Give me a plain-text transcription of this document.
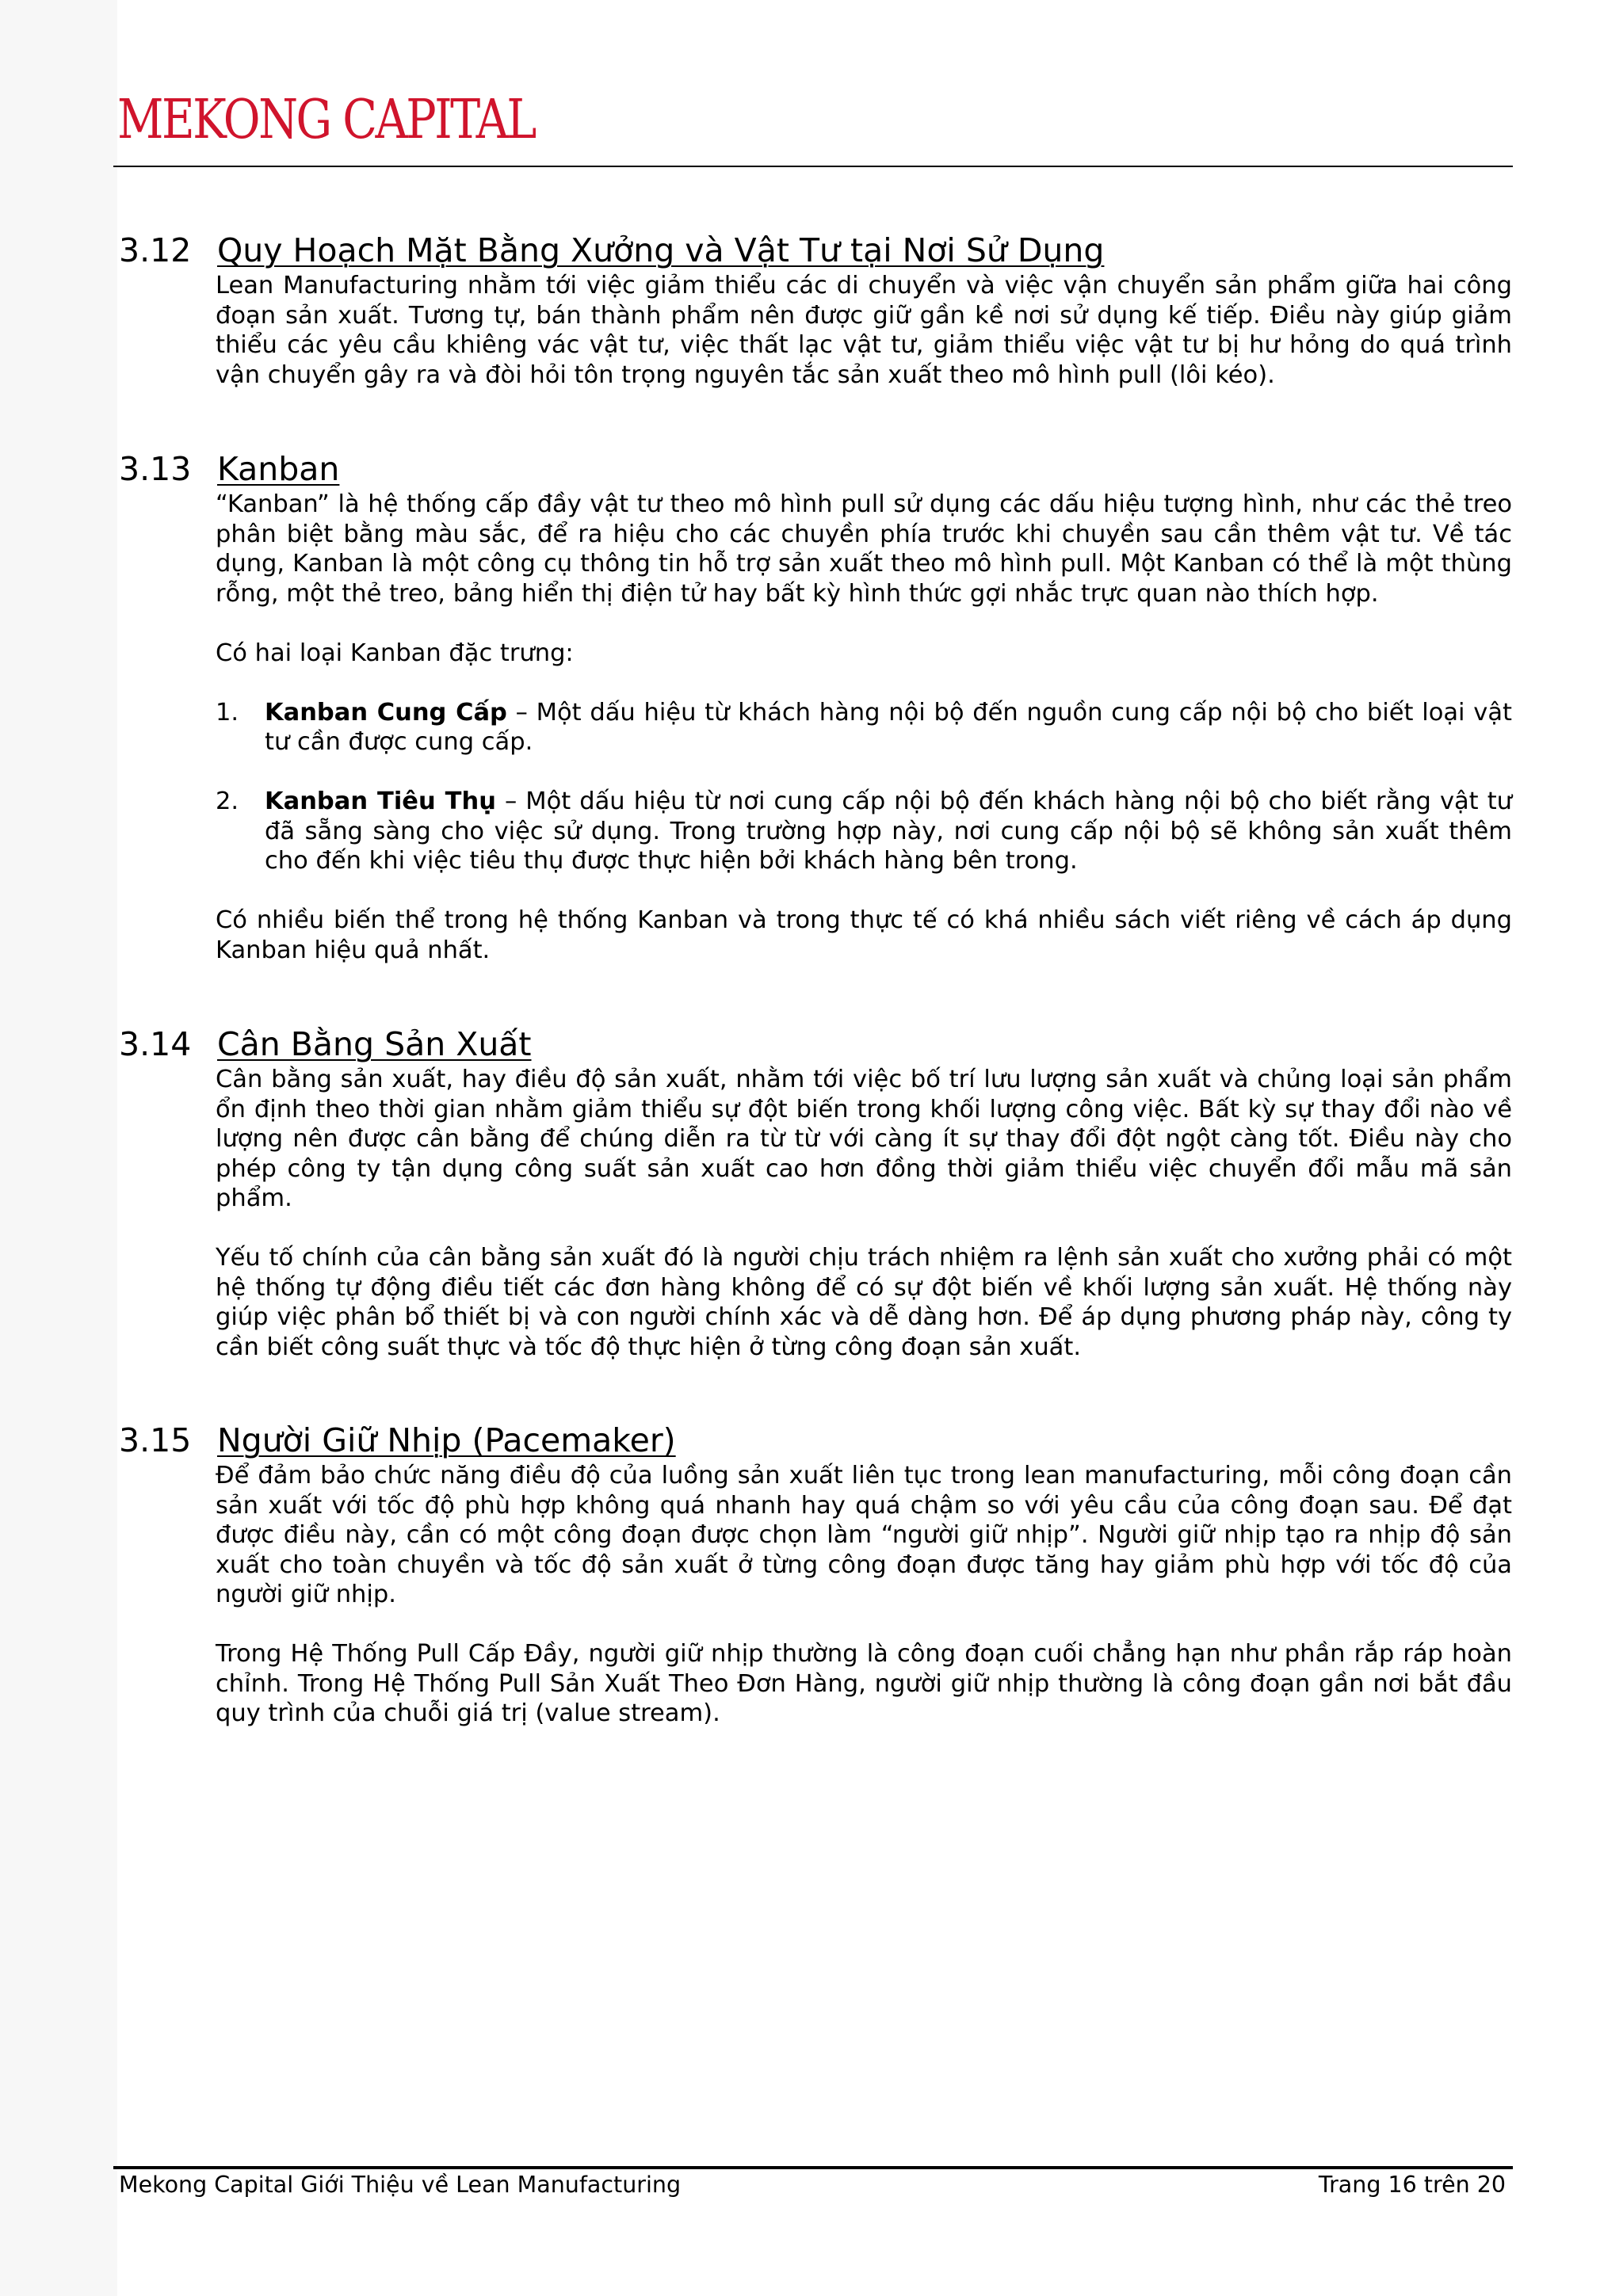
MEKONG CAPITAL
3.12 Quy Hoạch Mặt Bằng Xưởng và Vật Tư tại Nơi Sử Dụng

Lean Manufacturing nhằm tới việc giảm thiểu các di chuyển và việc vận chuyển sản phẩm giữa hai công đoạn sản xuất. Tương tự, bán thành phẩm nên được giữ gần kề nơi sử dụng kế tiếp. Điều này giúp giảm thiểu các yêu cầu khiêng vác vật tư, việc thất lạc vật tư, giảm thiểu việc vật tư bị hư hỏng do quá trình vận chuyển gây ra và đòi hỏi tôn trọng nguyên tắc sản xuất theo mô hình pull (lôi kéo).

3.13 Kanban

“Kanban” là hệ thống cấp đầy vật tư theo mô hình pull sử dụng các dấu hiệu tượng hình, như các thẻ treo phân biệt bằng màu sắc, để ra hiệu cho các chuyền phía trước khi chuyền sau cần thêm vật tư. Về tác dụng, Kanban là một công cụ thông tin hỗ trợ sản xuất theo mô hình pull. Một Kanban có thể là một thùng rỗng, một thẻ treo, bảng hiển thị điện tử hay bất kỳ hình thức gợi nhắc trực quan nào thích hợp.

Có hai loại Kanban đặc trưng:

1. Kanban Cung Cấp – Một dấu hiệu từ khách hàng nội bộ đến nguồn cung cấp nội bộ cho biết loại vật tư cần được cung cấp.
2. Kanban Tiêu Thụ – Một dấu hiệu từ nơi cung cấp nội bộ đến khách hàng nội bộ cho biết rằng vật tư đã sẵng sàng cho việc sử dụng. Trong trường hợp này, nơi cung cấp nội bộ sẽ không sản xuất thêm cho đến khi việc tiêu thụ được thực hiện bởi khách hàng bên trong.

Có nhiều biến thể trong hệ thống Kanban và trong thực tế có khá nhiều sách viết riêng về cách áp dụng Kanban hiệu quả nhất.

3.14 Cân Bằng Sản Xuất

Cân bằng sản xuất, hay điều độ sản xuất, nhằm tới việc bố trí lưu lượng sản xuất và chủng loại sản phẩm ổn định theo thời gian nhằm giảm thiểu sự đột biến trong khối lượng công việc. Bất kỳ sự thay đổi nào về lượng nên được cân bằng để chúng diễn ra từ từ với càng ít sự thay đổi đột ngột càng tốt. Điều này cho phép công ty tận dụng công suất sản xuất cao hơn đồng thời giảm thiểu việc chuyển đổi mẫu mã sản phẩm.

Yếu tố chính của cân bằng sản xuất đó là người chịu trách nhiệm ra lệnh sản xuất cho xưởng phải có một hệ thống tự động điều tiết các đơn hàng không để có sự đột biến về khối lượng sản xuất. Hệ thống này giúp việc phân bổ thiết bị và con người chính xác và dễ dàng hơn. Để áp dụng phương pháp này, công ty cần biết công suất thực và tốc độ thực hiện ở từng công đoạn sản xuất.

3.15 Người Giữ Nhịp (Pacemaker)

Để đảm bảo chức năng điều độ của luồng sản xuất liên tục trong lean manufacturing, mỗi công đoạn cần sản xuất với tốc độ phù hợp không quá nhanh hay quá chậm so với yêu cầu của công đoạn sau. Để đạt được điều này, cần có một công đoạn được chọn làm “người giữ nhịp”. Người giữ nhịp tạo ra nhịp độ sản xuất cho toàn chuyền và tốc độ sản xuất ở từng công đoạn được tăng hay giảm phù hợp với tốc độ của người giữ nhịp.

Trong Hệ Thống Pull Cấp Đầy, người giữ nhịp thường là công đoạn cuối chẳng hạn như phần rắp ráp hoàn chỉnh. Trong Hệ Thống Pull Sản Xuất Theo Đơn Hàng, người giữ nhịp thường là công đoạn gần nơi bắt đầu quy trình của chuỗi giá trị (value stream).

Mekong Capital Giới Thiệu về Lean Manufacturing	Trang 16 trên 20
